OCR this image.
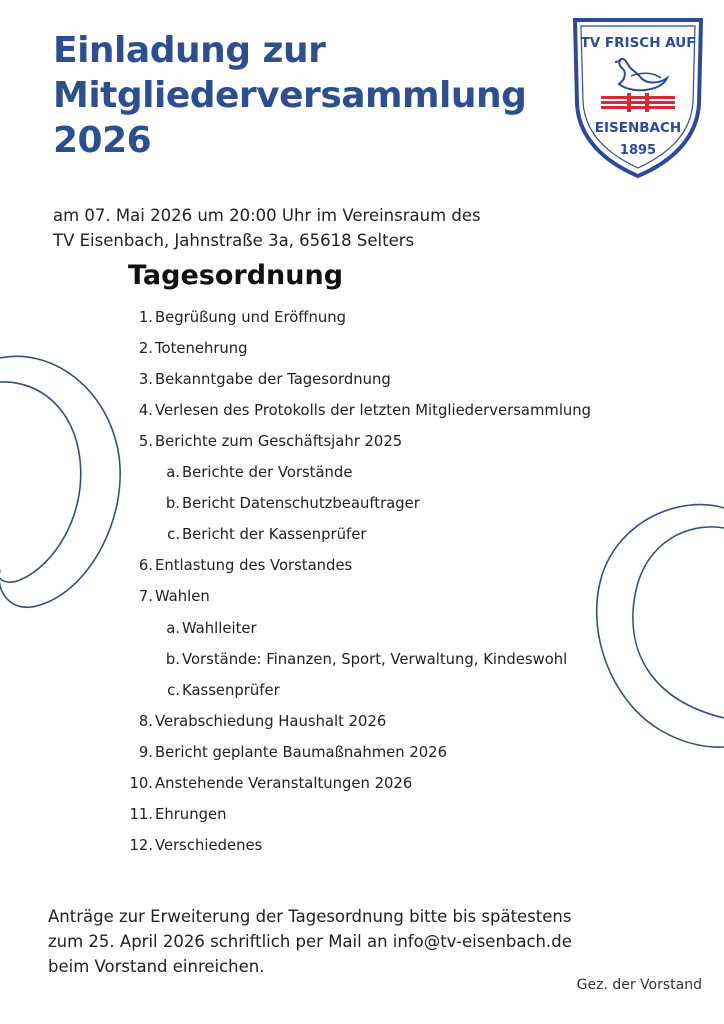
Einladung zur
Mitgliederversammlung
2026
TV FRISCH AUF
EISENBACH
1895

am 07. Mai 2026 um 20:00 Uhr im Vereinsraum des
TV Eisenbach, Jahnstraße 3a, 65618 Selters

Tagesordnung
1. Begrüßung und Eröffnung
2. Totenehrung
3. Bekanntgabe der Tagesordnung
4. Verlesen des Protokolls der letzten Mitgliederversammlung
5. Berichte zum Geschäftsjahr 2025
a. Berichte der Vorstände
b. Bericht Datenschutzbeauftrager
c. Bericht der Kassenprüfer
6. Entlastung des Vorstandes
7. Wahlen
a. Wahlleiter
b. Vorstände: Finanzen, Sport, Verwaltung, Kindeswohl
c. Kassenprüfer
8. Verabschiedung Haushalt 2026
9. Bericht geplante Baumaßnahmen 2026
10. Anstehende Veranstaltungen 2026
11. Ehrungen
12. Verschiedenes

Anträge zur Erweiterung der Tagesordnung bitte bis spätestens
zum 25. April 2026 schriftlich per Mail an info@tv-eisenbach.de
beim Vorstand einreichen.

Gez. der Vorstand
